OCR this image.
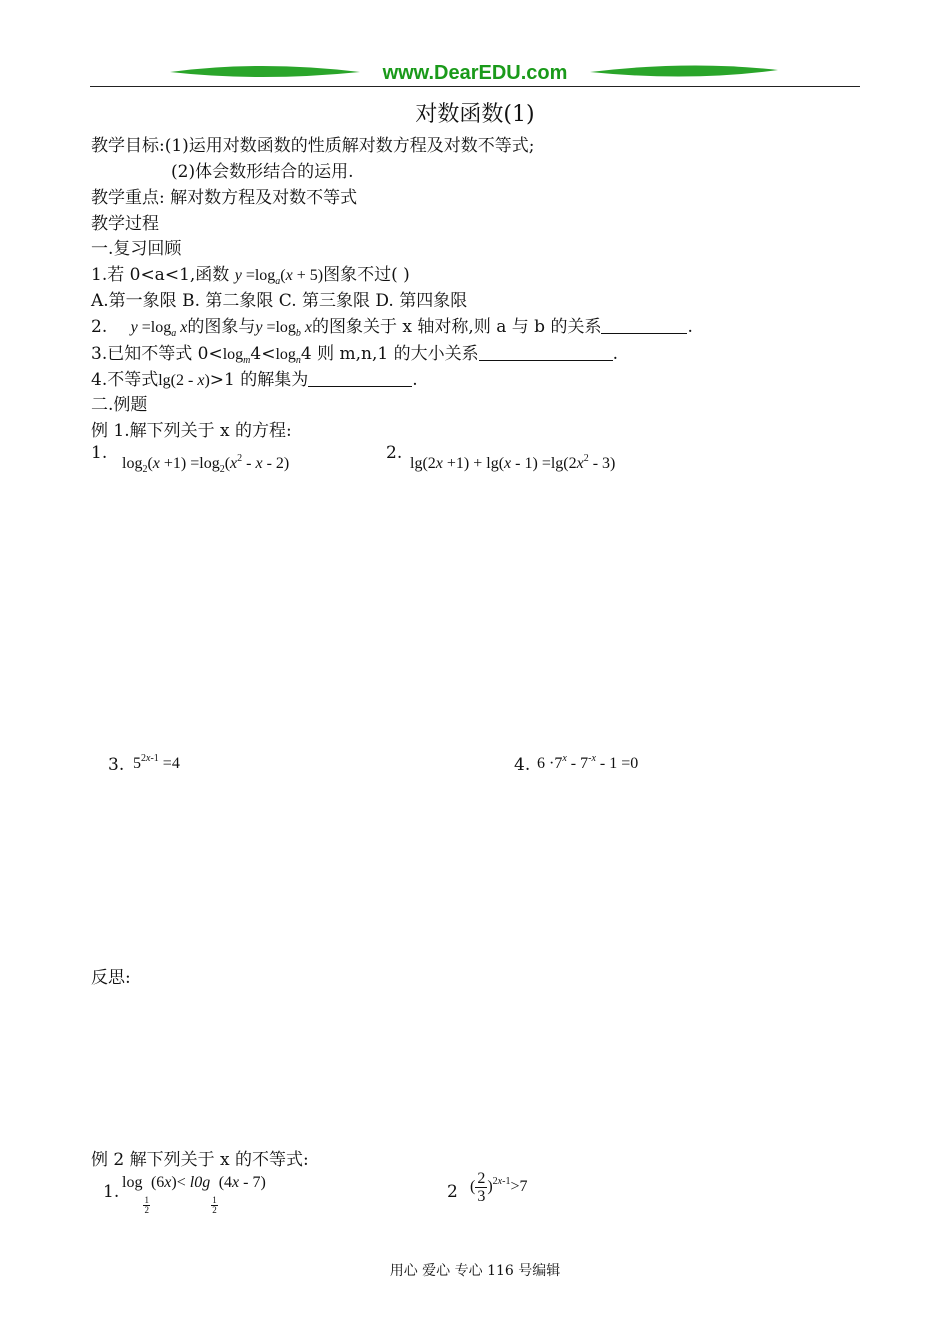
www.DearEDU.com
对数函数(1)
教学目标:(1)运用对数函数的性质解对数方程及对数不等式;
(2)体会数形结合的运用.
教学重点: 解对数方程及对数不等式
教学过程
一.复习回顾
1.若 0<a<1,函数 $y =\log_a(x + 5)$图象不过( )
A.第一象限 B. 第二象限 C. 第三象限 D. 第四象限
2. $y =\log_a$ x的图象与$y =\log_b$ x的图象关于 x 轴对称,则 a 与 b 的关系	.
3.已知不等式 $0<\log_m4<\log_n4$ 则 m,n,1 的大小关系	.
4.不等式lg(2 - x)>1 的解集为	.
二.例题
例 1.解下列关于 x 的方程:
1.
$\log_2(x +1) =\log_2(x^2 - x - 2)$
2.
$\lg(2x +1) + \lg(x - 1) =\lg(2x^2 - 3)$
3. $5^{2x-1} =4$	4. $6 \cdot 7^x - 7^{-x} - 1 =0$
反思:
例 2 解下列关于 x 的不等式:
1. log
$\frac{1}{2}$
(6x)< l0g
$\frac{1}{2}$
(4x - 7)	2 ( $\frac{2}{3} )^{2x-1}>7$
用心 爱心 专心 116 号编辑
